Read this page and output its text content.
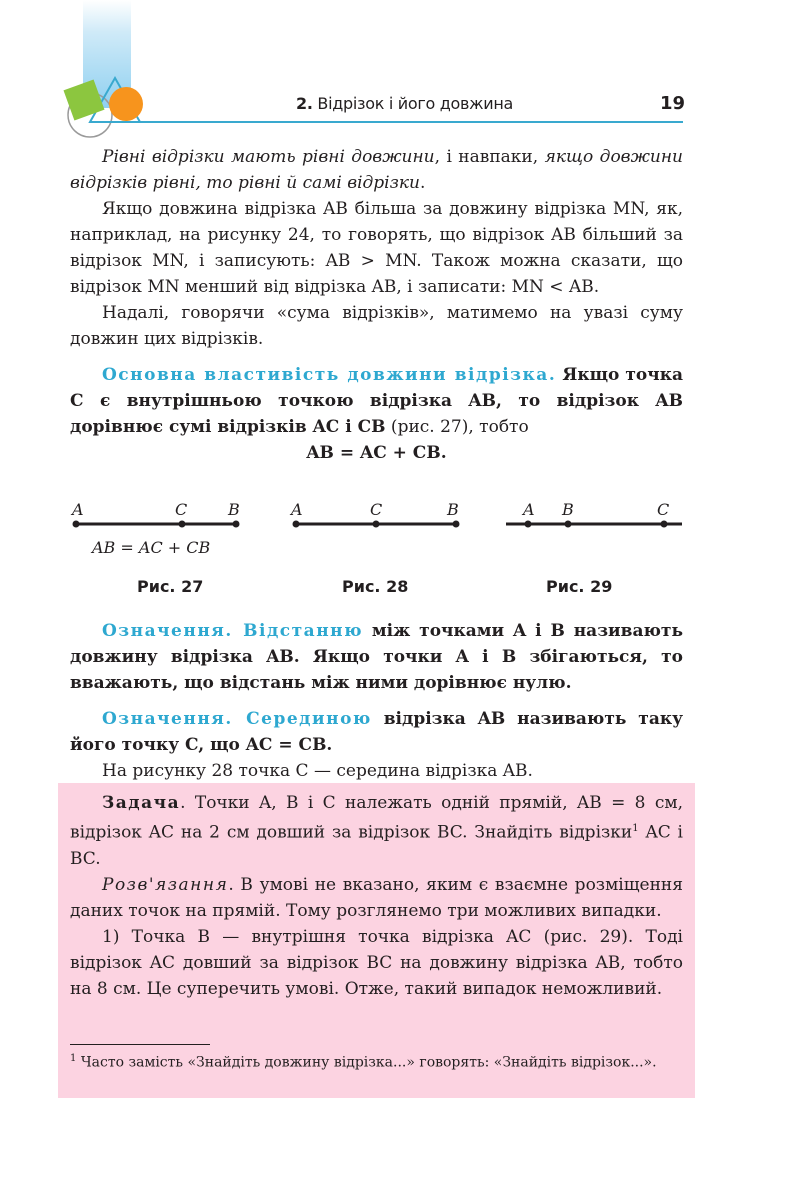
2. Відрізок і його довжина	19

Рівні відрізки мають рівні довжини, і навпаки, якщо довжини відрізків рівні, то рівні й самі відрізки.

Якщо довжина відрізка AB більша за довжину відрізка MN, як, наприклад, на рисунку 24, то говорять, що відрізок AB більший за відрізок MN, і записують: AB > MN. Також можна сказати, що відрізок MN менший від відрізка AB, і записати: MN < AB.

Надалі, говорячи «сума відрізків», матимемо на увазі суму довжин цих відрізків.

Основна властивість довжини відрізка. Якщо точка C є внутрішньою точкою відрізка AB, то відрізок AB дорівнює сумі відрізків AC і CB (рис. 27), тобто

AB = AC + CB.

A	C	B
AB = AC + CB
A	C	B	A B	C
Рис. 27	Рис. 28	Рис. 29

Означення. Відстанню між точками A і B називають довжину відрізка AB. Якщо точки A і B збігаються, то вважають, що відстань між ними дорівнює нулю.

Означення. Серединою відрізка AB називають таку його точку C, що AC = CB.

На рисунку 28 точка C — середина відрізка AB.

Задача. Точки A, B і C належать одній прямій, AB = 8 см, відрізок AC на 2 см довший за відрізок BC. Знайдіть відрізки$^1$ AC і BC.

Розв'язання. В умові не вказано, яким є взаємне розміщення даних точок на прямій. Тому розглянемо три можливих випадки.

1) Точка B — внутрішня точка відрізка AC (рис. 29). Тоді відрізок AC довший за відрізок BC на довжину відрізка AB, тобто на 8 см. Це суперечить умові. Отже, такий випадок неможливий.

$^1$ Часто замість «Знайдіть довжину відрізка...» говорять: «Знайдіть відрізок...».
